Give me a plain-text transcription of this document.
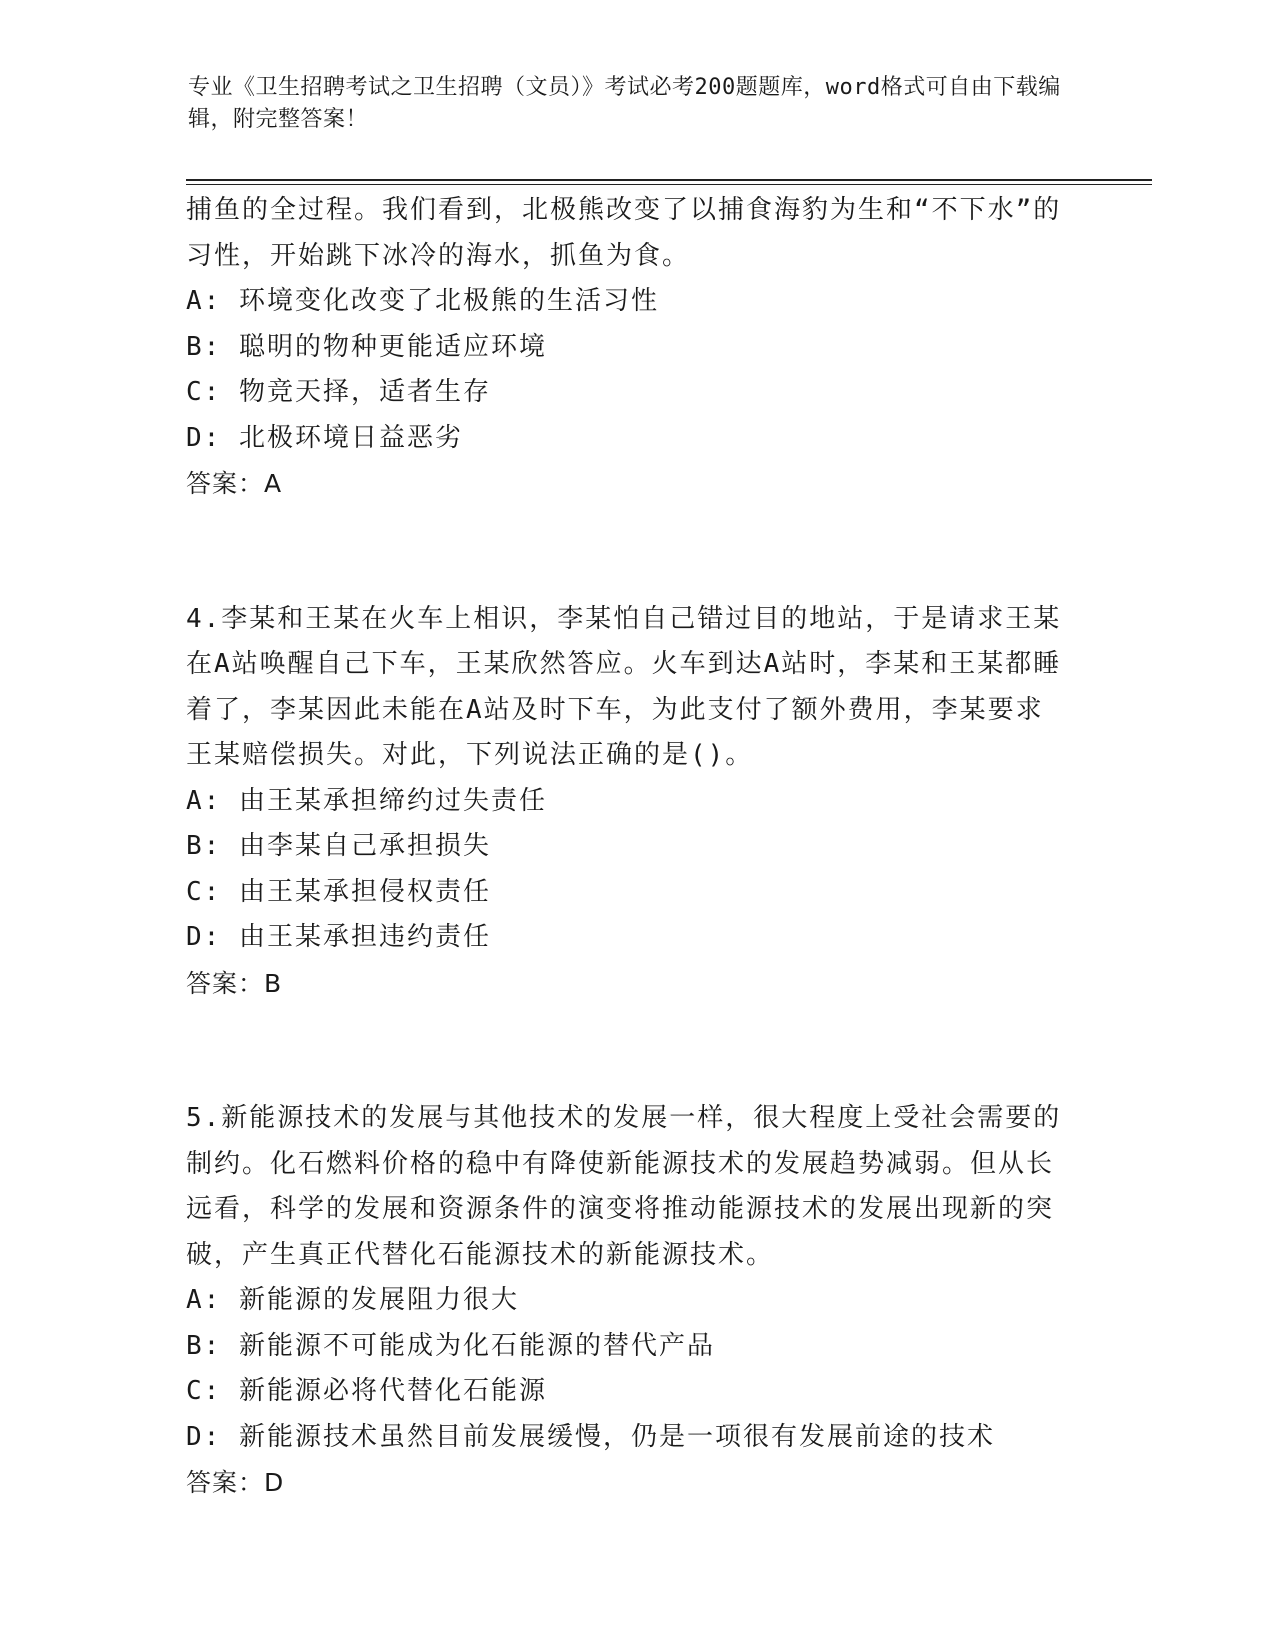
专业《卫生招聘考试之卫生招聘（文员）》考试必考200题题库，word格式可自由下载编辑，附完整答案！

捕鱼的全过程。我们看到，北极熊改变了以捕食海豹为生和“不下水”的习性，开始跳下冰冷的海水，抓鱼为食。

A: 环境变化改变了北极熊的生活习性

B: 聪明的物种更能适应环境

C: 物竞天择，适者生存

D: 北极环境日益恶劣

答案：A

4.李某和王某在火车上相识，李某怕自己错过目的地站，于是请求王某在A站唤醒自己下车，王某欣然答应。火车到达A站时，李某和王某都睡着了，李某因此未能在A站及时下车，为此支付了额外费用，李某要求王某赔偿损失。对此，下列说法正确的是()。

A: 由王某承担缔约过失责任

B: 由李某自己承担损失

C: 由王某承担侵权责任

D: 由王某承担违约责任

答案：B

5.新能源技术的发展与其他技术的发展一样，很大程度上受社会需要的制约。化石燃料价格的稳中有降使新能源技术的发展趋势减弱。但从长远看，科学的发展和资源条件的演变将推动能源技术的发展出现新的突破，产生真正代替化石能源技术的新能源技术。

A: 新能源的发展阻力很大

B: 新能源不可能成为化石能源的替代产品

C: 新能源必将代替化石能源

D: 新能源技术虽然目前发展缓慢，仍是一项很有发展前途的技术

答案：D
